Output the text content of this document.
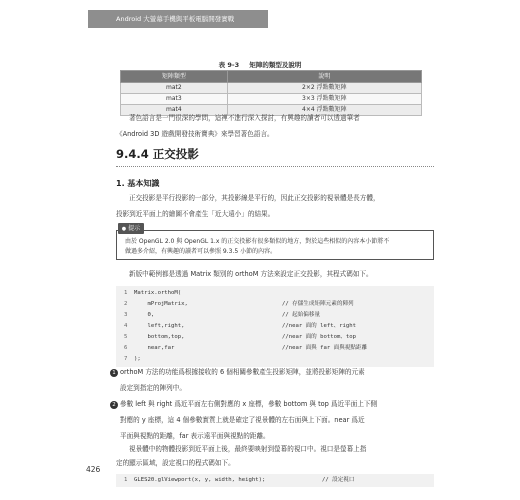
Android 大螢幕手機與平板電腦開發實戰
表 9-3 矩陣的類型及說明
矩陣類型	說明
mat2	2×2 浮點數矩陣
mat3	3×3 浮點數矩陣
mat4	4×4 浮點數矩陣
著色語言是一門很深的學問，這裡不進行深入探討，有興趣的讀者可以透過筆者
《Android 3D 遊戲開發技術寶典》來學習著色語言。
9.4.4 正交投影
1. 基本知識
正交投影是平行投影的一部分，其投影線是平行的，因此正交投影的視景體是長方體，
投影到近平面上的繪圖不會產生「近大遠小」的結果。
由於 OpenGL 2.0 與 OpenGL 1.x 的正交投影有很多類似的地方，對於這些相似的內容本小節將不
做過多介紹，有興趣的讀者可以參照 9.3.5 小節的內容。
● 提示
新版中範例都是透過 Matrix 類別的 orthoM 方法來設定正交投影，其程式碼如下。
1	Matrix.orthoM(
2	mProjMatrix,	// 存儲生成矩陣元素的陣列
3	0,	// 起始偏移量
4	left,right,	//near 面的 left、right
5	bottom,top,	//near 面的 bottom、top
6	near,far	//near 面與 far 面與視點距離
7	);
1 orthoM 方法的功能爲根據接收的 6 個相關參數產生投影矩陣，並將投影矩陣的元素
設定到指定的陣列中。
2 參數 left 與 right 爲近平面左右側對應的 x 座標，參數 bottom 與 top 爲近平面上下側
對應的 y 座標，這 4 個參數實質上就是確定了視景體的左右面與上下面。near 爲近
平面與視點的距離，far 表示遠平面與視點的距離。
視景體中的物體投影到近平面上後，最終要映射到螢幕的視口中。視口是螢幕上指
定的顯示區域，設定視口的程式碼如下。
1	GLES20.glViewport(x, y, width, height);	// 設定視口
426
